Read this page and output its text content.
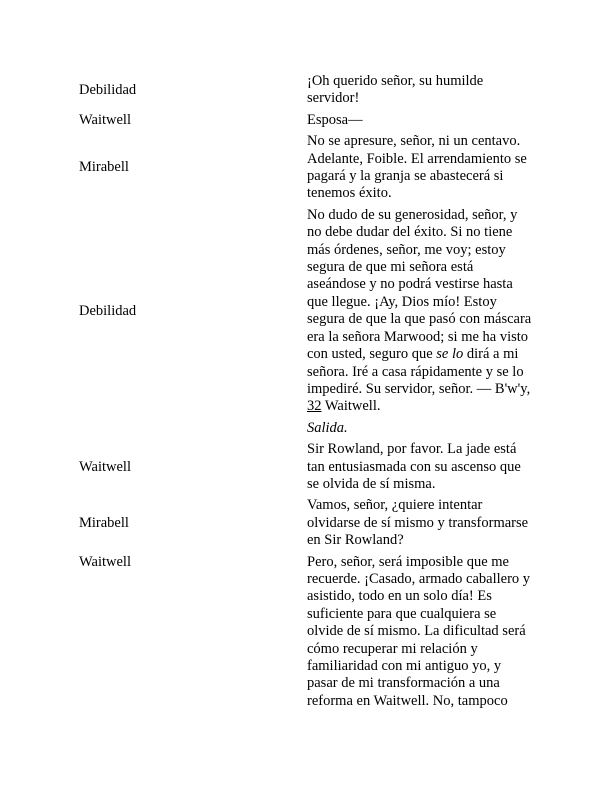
Debilidad	¡Oh querido señor, su humilde servidor!
Waitwell	Esposa—
Mirabell	No se apresure, señor, ni un centavo. Adelante, Foible. El arrendamiento se pagará y la granja se abastecerá si tenemos éxito.
Debilidad	No dudo de su generosidad, señor, y no debe dudar del éxito. Si no tiene más órdenes, señor, me voy; estoy segura de que mi señora está aseándose y no podrá vestirse hasta que llegue. ¡Ay, Dios mío! Estoy segura de que la que pasó con máscara era la señora Marwood; si me ha visto con usted, seguro que se lo dirá a mi señora. Iré a casa rápidamente y se lo impediré. Su servidor, señor. — B'w'y, 32 Waitwell.
	Salida.
Waitwell	Sir Rowland, por favor. La jade está tan entusiasmada con su ascenso que se olvida de sí misma.
Mirabell	Vamos, señor, ¿quiere intentar olvidarse de sí mismo y transformarse en Sir Rowland?
Waitwell	Pero, señor, será imposible que me recuerde. ¡Casado, armado caballero y asistido, todo en un solo día! Es suficiente para que cualquiera se olvide de sí mismo. La dificultad será cómo recuperar mi relación y familiaridad con mi antiguo yo, y pasar de mi transformación a una reforma en Waitwell. No, tampoco
